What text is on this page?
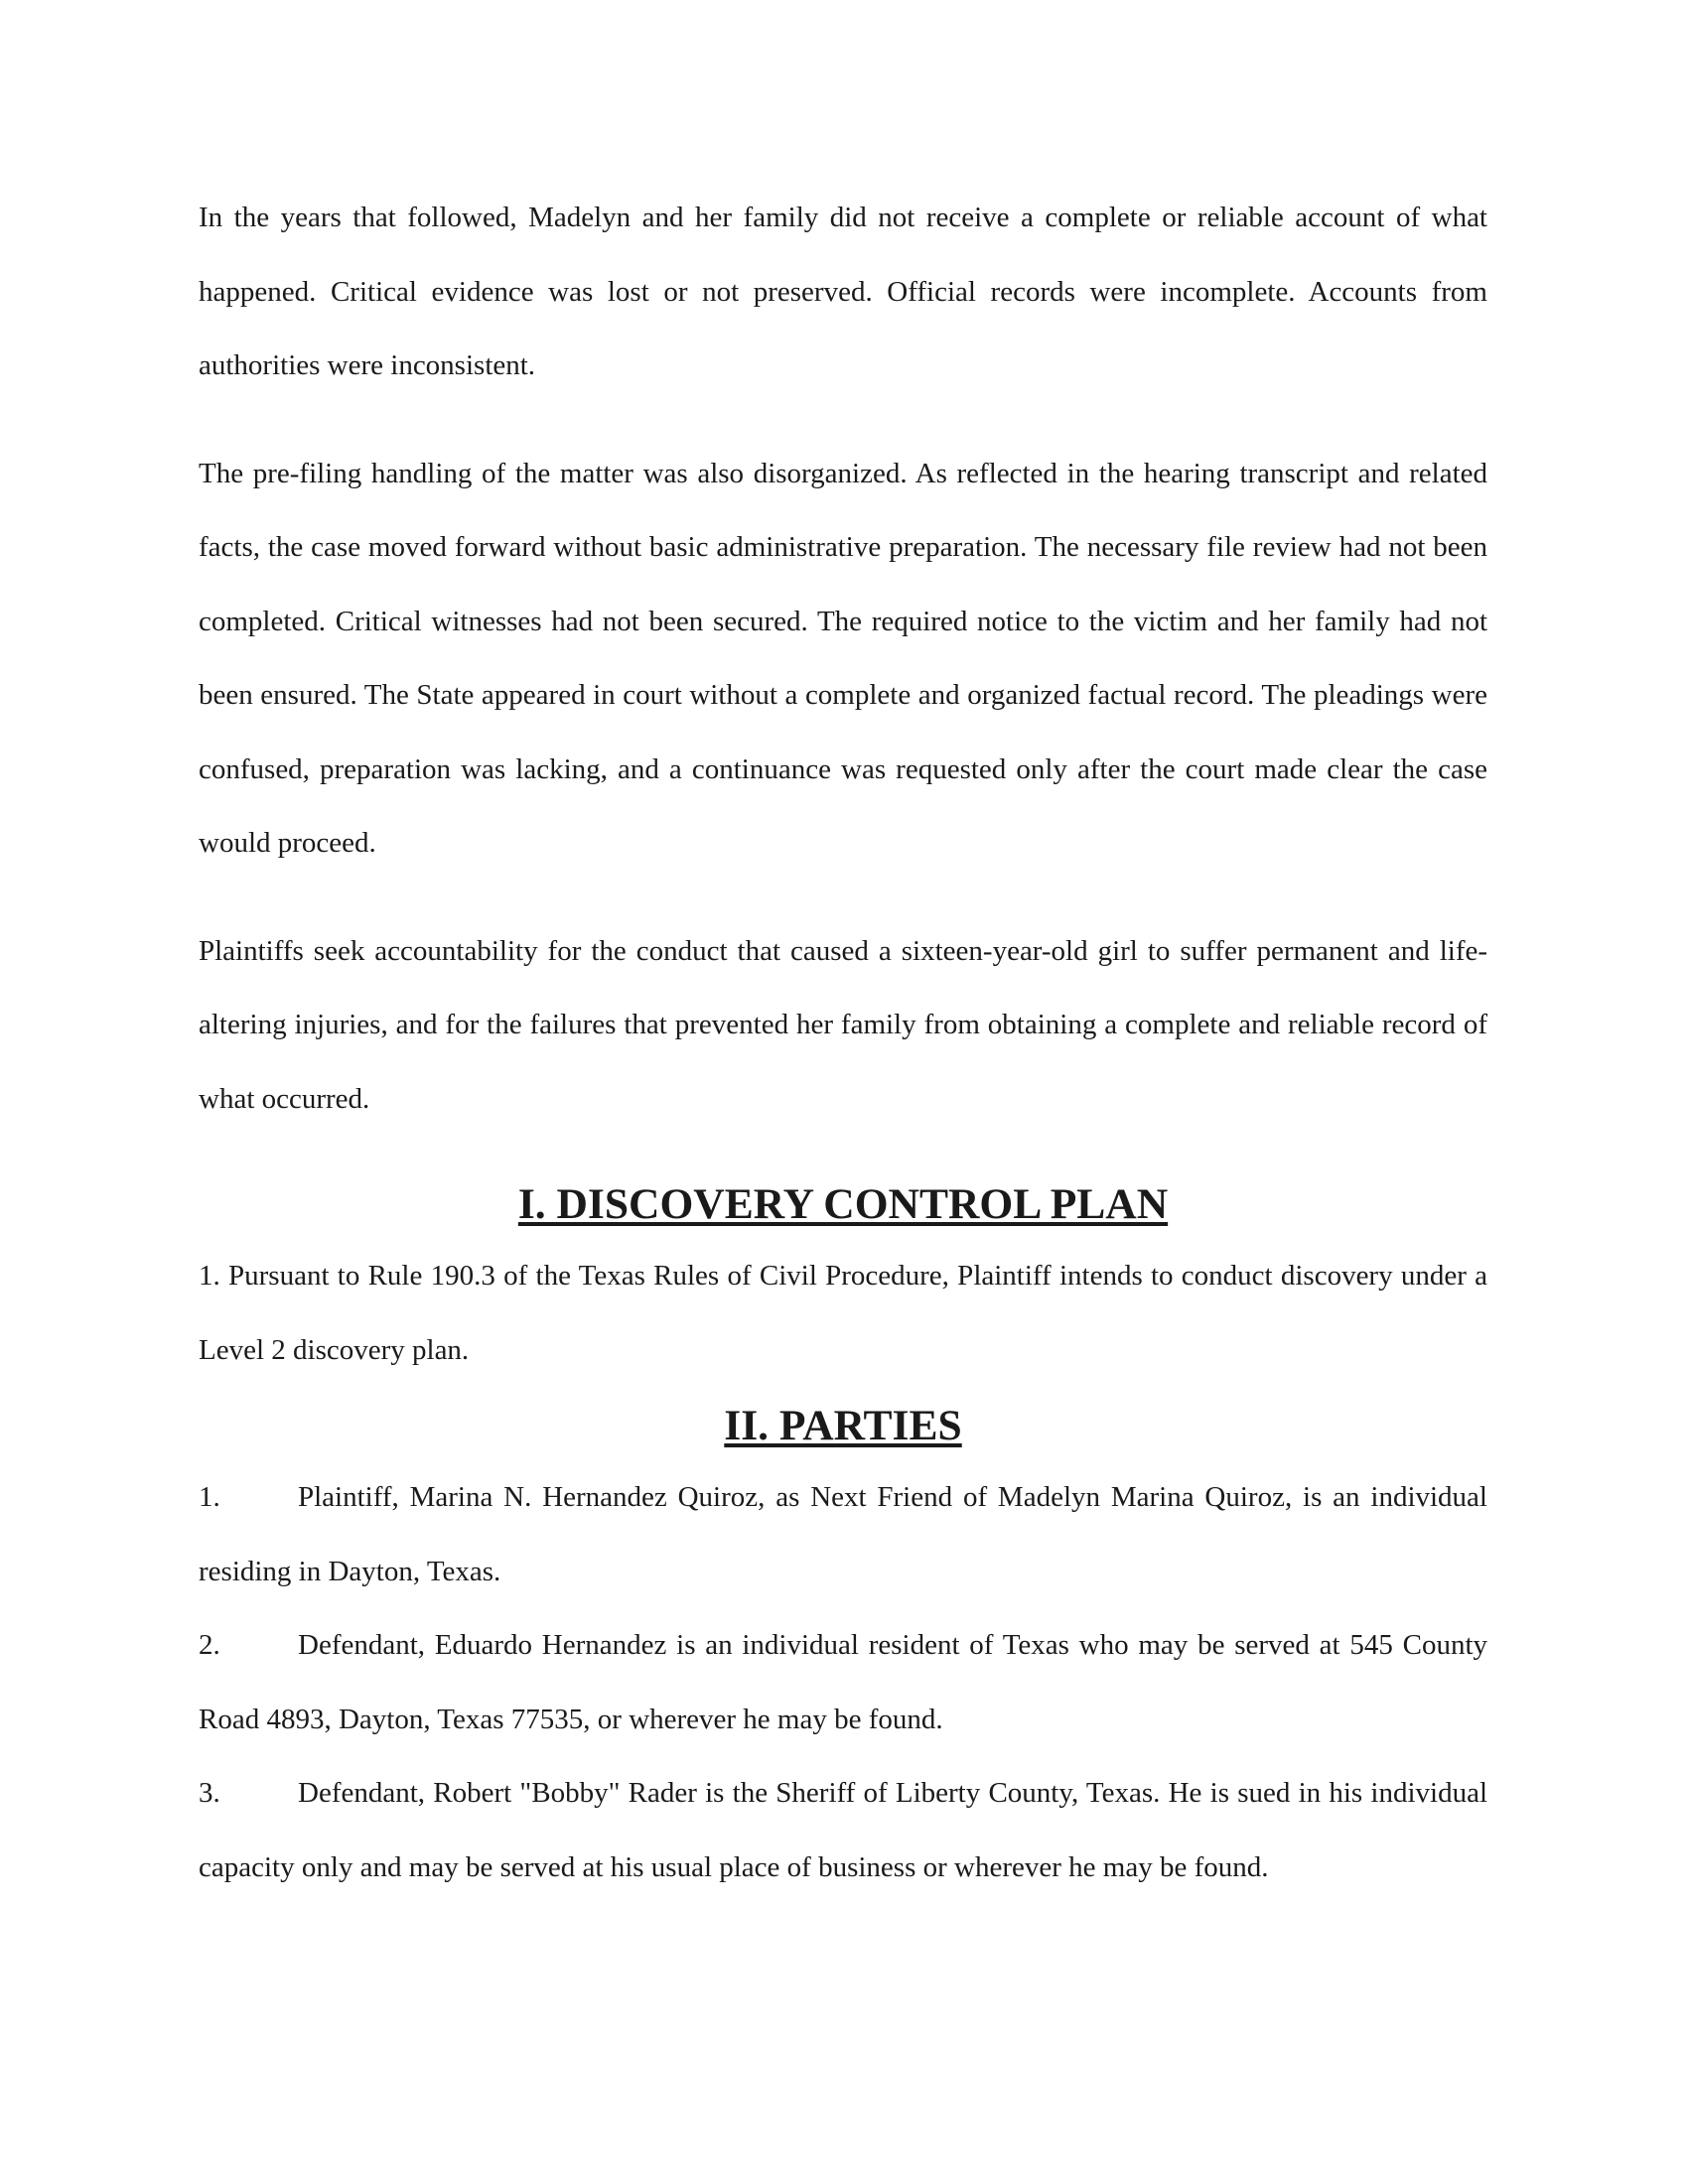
In the years that followed, Madelyn and her family did not receive a complete or reliable account of what happened. Critical evidence was lost or not preserved. Official records were incomplete. Accounts from authorities were inconsistent.

The pre-filing handling of the matter was also disorganized. As reflected in the hearing transcript and related facts, the case moved forward without basic administrative preparation. The necessary file review had not been completed. Critical witnesses had not been secured. The required notice to the victim and her family had not been ensured. The State appeared in court without a complete and organized factual record. The pleadings were confused, preparation was lacking, and a continuance was requested only after the court made clear the case would proceed.

Plaintiffs seek accountability for the conduct that caused a sixteen-year-old girl to suffer permanent and life-altering injuries, and for the failures that prevented her family from obtaining a complete and reliable record of what occurred.

I. DISCOVERY CONTROL PLAN

1. Pursuant to Rule 190.3 of the Texas Rules of Civil Procedure, Plaintiff intends to conduct discovery under a Level 2 discovery plan.

II. PARTIES

1.	Plaintiff, Marina N. Hernandez Quiroz, as Next Friend of Madelyn Marina Quiroz, is an individual residing in Dayton, Texas.

2.	Defendant, Eduardo Hernandez is an individual resident of Texas who may be served at 545 County Road 4893, Dayton, Texas 77535, or wherever he may be found.

3.	Defendant, Robert "Bobby" Rader is the Sheriff of Liberty County, Texas. He is sued in his individual capacity only and may be served at his usual place of business or wherever he may be found.
